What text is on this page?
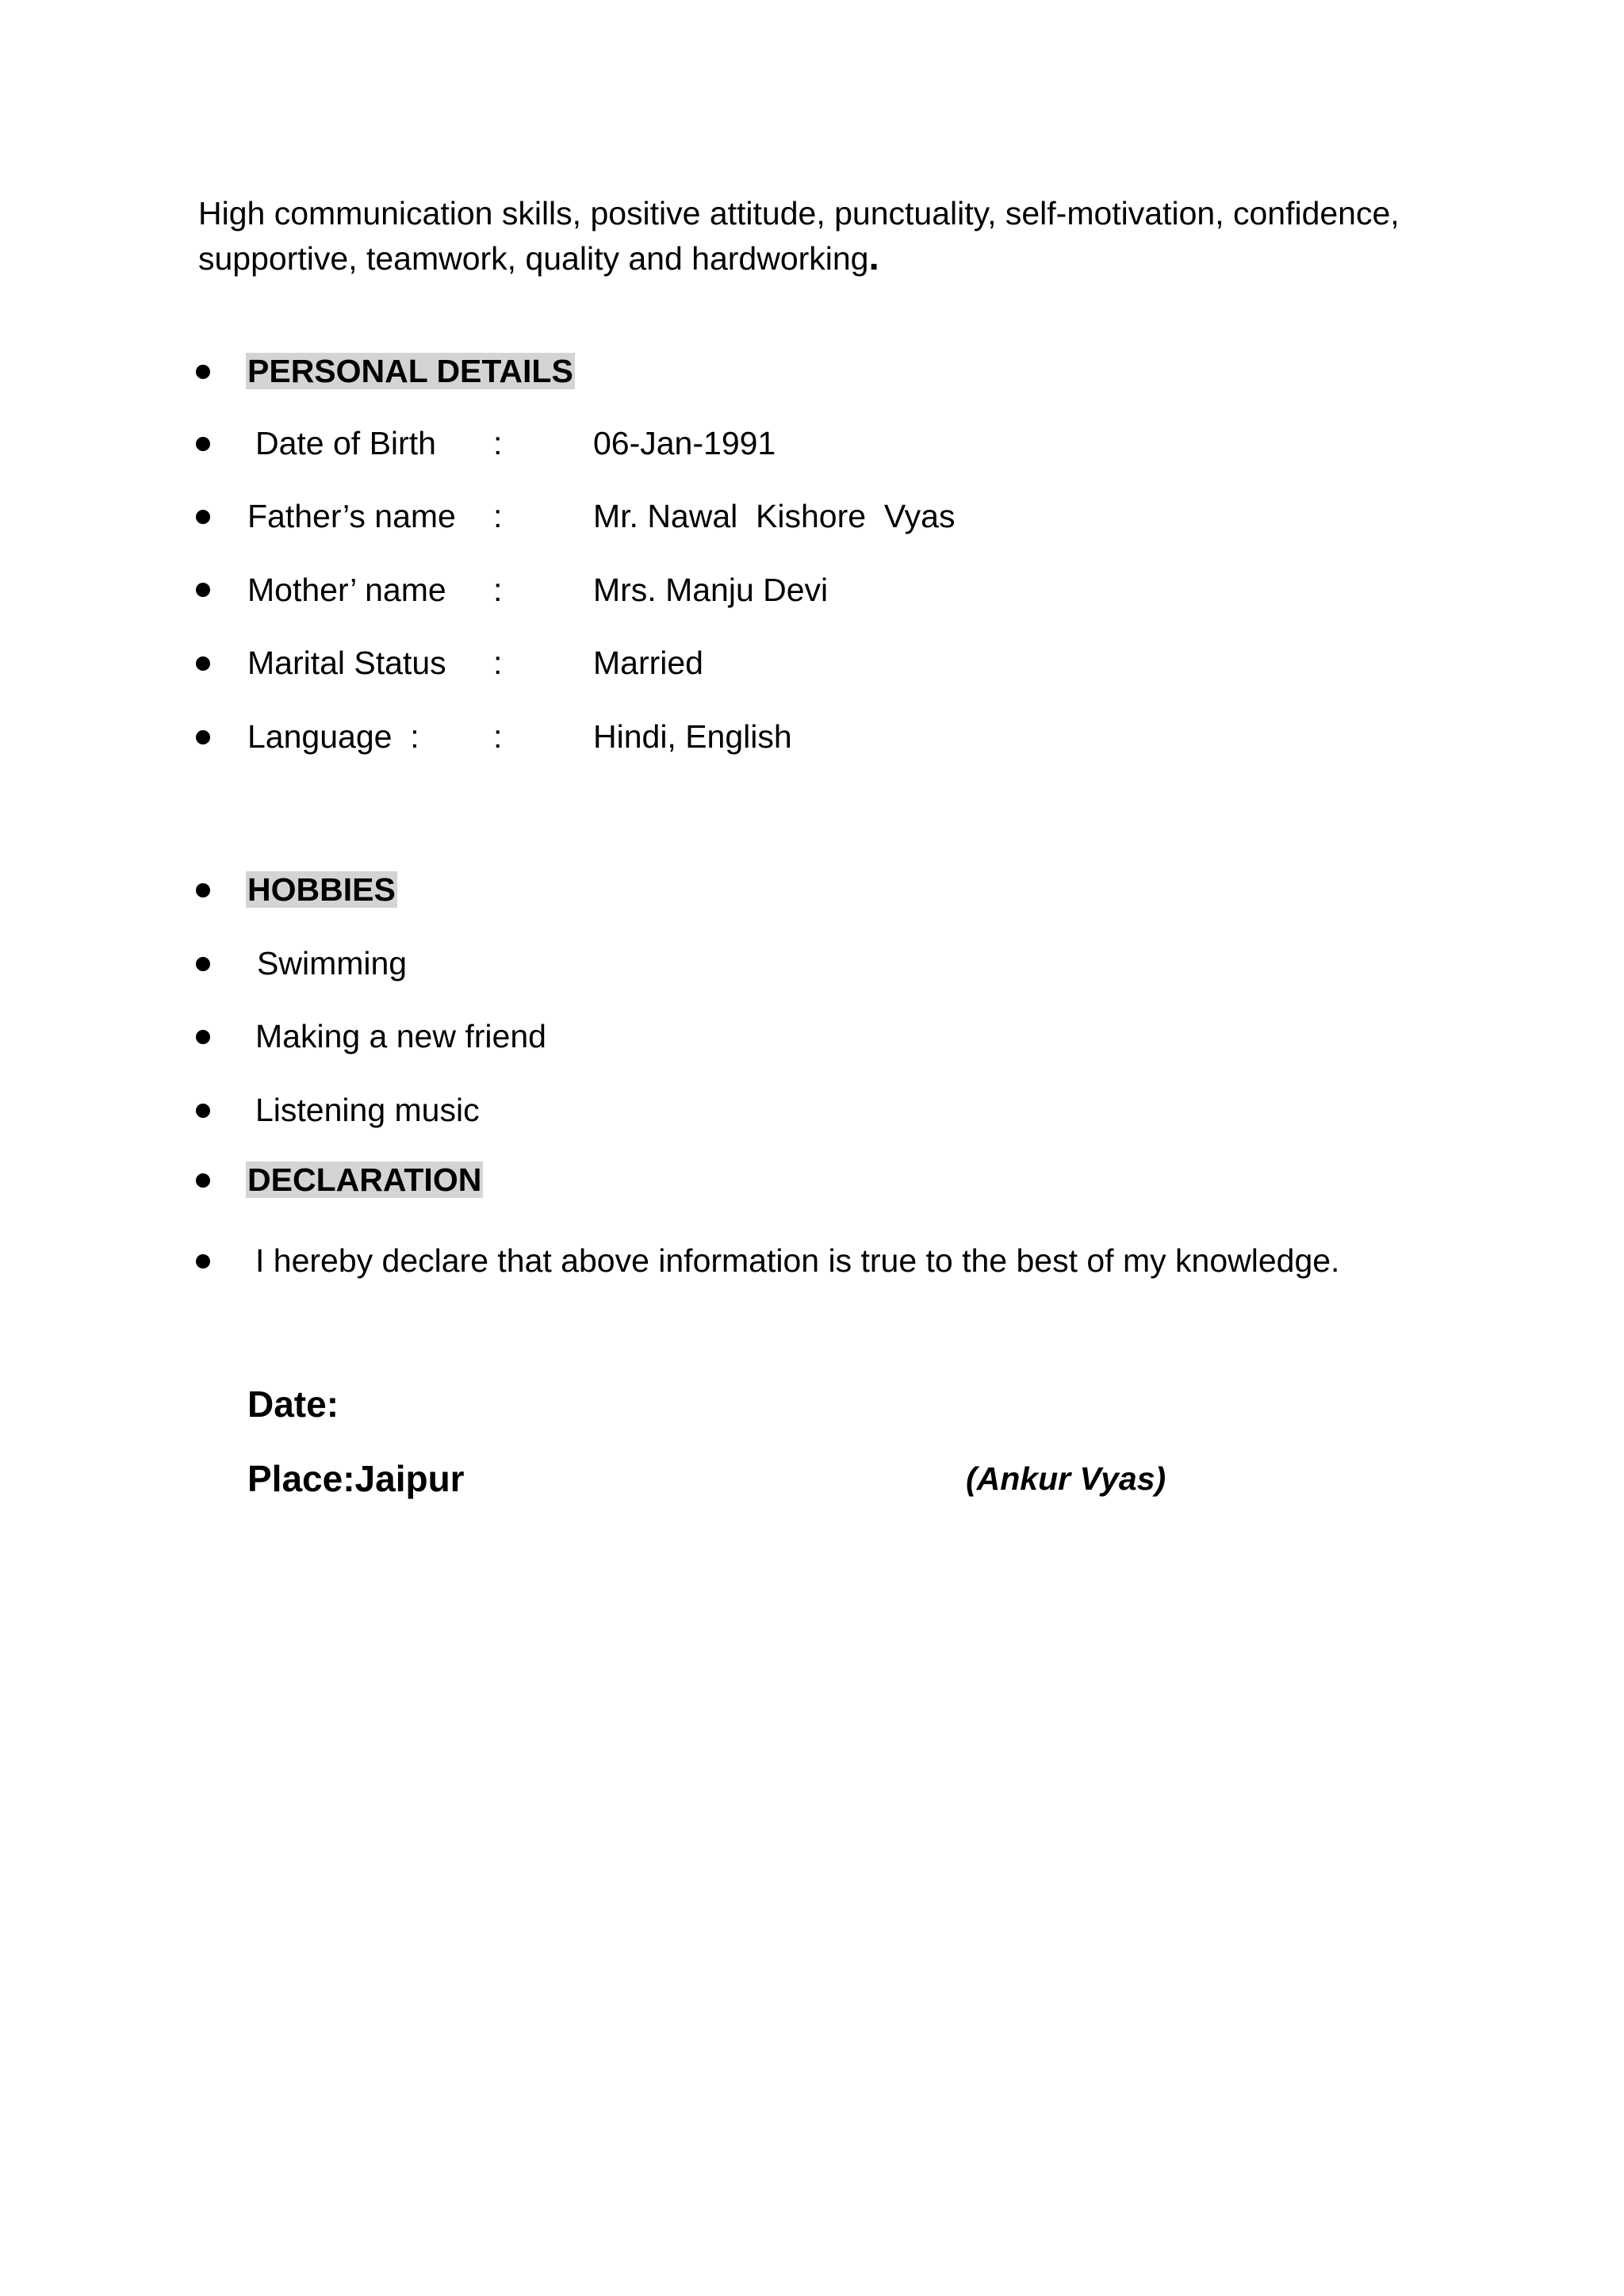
High communication skills, positive attitude, punctuality, self-motivation, confidence, supportive, teamwork, quality and hardworking.
PERSONAL DETAILS
Date of Birth :	06-Jan-1991
Father’s name :	Mr. Nawal  Kishore  Vyas
Mother’ name :	Mrs. Manju Devi
Marital Status :	Married
Language  : :	Hindi, English
HOBBIES
Swimming
Making a new friend
Listening music
DECLARATION
I hereby declare that above information is true to the best of my knowledge.
Date:
Place:Jaipur	(Ankur Vyas)
